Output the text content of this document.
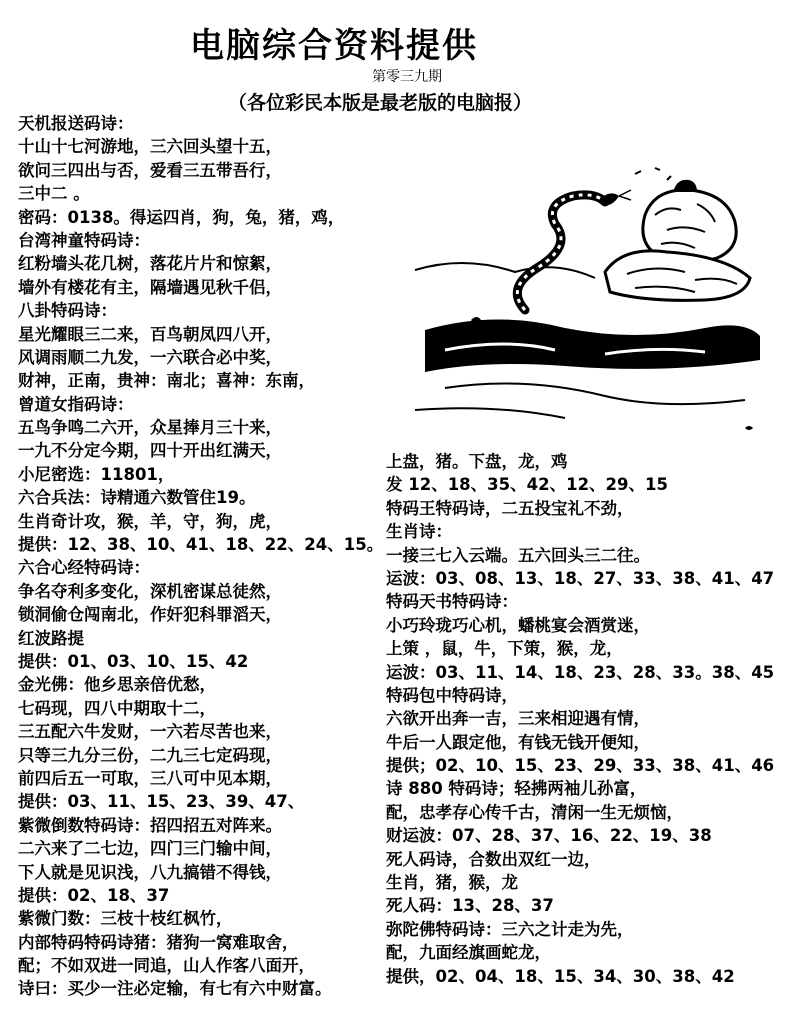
电脑综合资料提供
第零三九期
（各位彩民本版是最老版的电脑报）
天机报送码诗：
十山十七河游地，三六回头望十五，
欲问三四出与否，爱看三五带吾行，
三中二 。
密码：0138。得运四肖，狗，兔，猪，鸡，
台湾神童特码诗：
红粉墙头花几树，落花片片和惊絮，
墙外有楼花有主，隔墙遇见秋千侣，
八卦特码诗：
星光耀眼三二来，百鸟朝凤四八开，
风调雨顺二九发，一六联合必中奖，
财神，正南，贵神：南北；喜神：东南，
曾道女指码诗：
五鸟争鸣二六开，众星捧月三十来，
一九不分定今期，四十开出红满天，
小尼密选：11801，
六合兵法：诗精通六数管住19。
生肖奇计攻，猴，羊，守，狗，虎，
提供：12、38、10、41、18、22、24、15。
六合心经特码诗：
争名夺利多变化，深机密谋总徒然，
锁洞偷仓闯南北，作奸犯科罪滔天，
红波路提
提供：01、03、10、15、42
金光佛：他乡思亲倍优愁，
七码现，四八中期取十二，
三五配六牛发财，一六若尽苦也来，
只等三九分三份，二九三七定码现，
前四后五一可取，三八可中见本期，
提供：03、11、15、23、39、47、
紫微倒数特码诗：招四招五对阵来。
二六来了二七边，四门三门输中间，
下人就是见识浅，八九搞错不得钱，
提供：02、18、37
紫微门数：三枝十枝红枫竹，
内部特码特码诗猪：猪狗一窝难取舍，
配；不如双进一同追，山人作客八面开，
诗曰：买少一注必定输，有七有六中财富。
上盘，猪。下盘，龙，鸡
发 12、18、35、42、12、29、15
特码王特码诗，二五投宝礼不劲，
生肖诗：
一接三七入云端。五六回头三二往。
运波：03、08、13、18、27、33、38、41、47
特码天书特码诗：
小巧玲珑巧心机，蟠桃宴会酒赏迷，
上策 ，鼠，牛，下策，猴，龙，
运波：03、11、14、18、23、28、33。38、45
特码包中特码诗，
六欲开出奔一吉，三来相迎遇有情，
牛后一人跟定他，有钱无钱开便知，
提供；02、10、15、23、29、33、38、41、46
诗 880 特码诗；轻拂两袖儿孙富，
配，忠孝存心传千古，清闲一生无烦恼，
财运波：07、28、37、16、22、19、38
死人码诗，合数出双红一边，
生肖，猪，猴，龙
死人码：13、28、37
弥陀佛特码诗：三六之计走为先，
配，九面经旗画蛇龙，
提供，02、04、18、15、34、30、38、42
